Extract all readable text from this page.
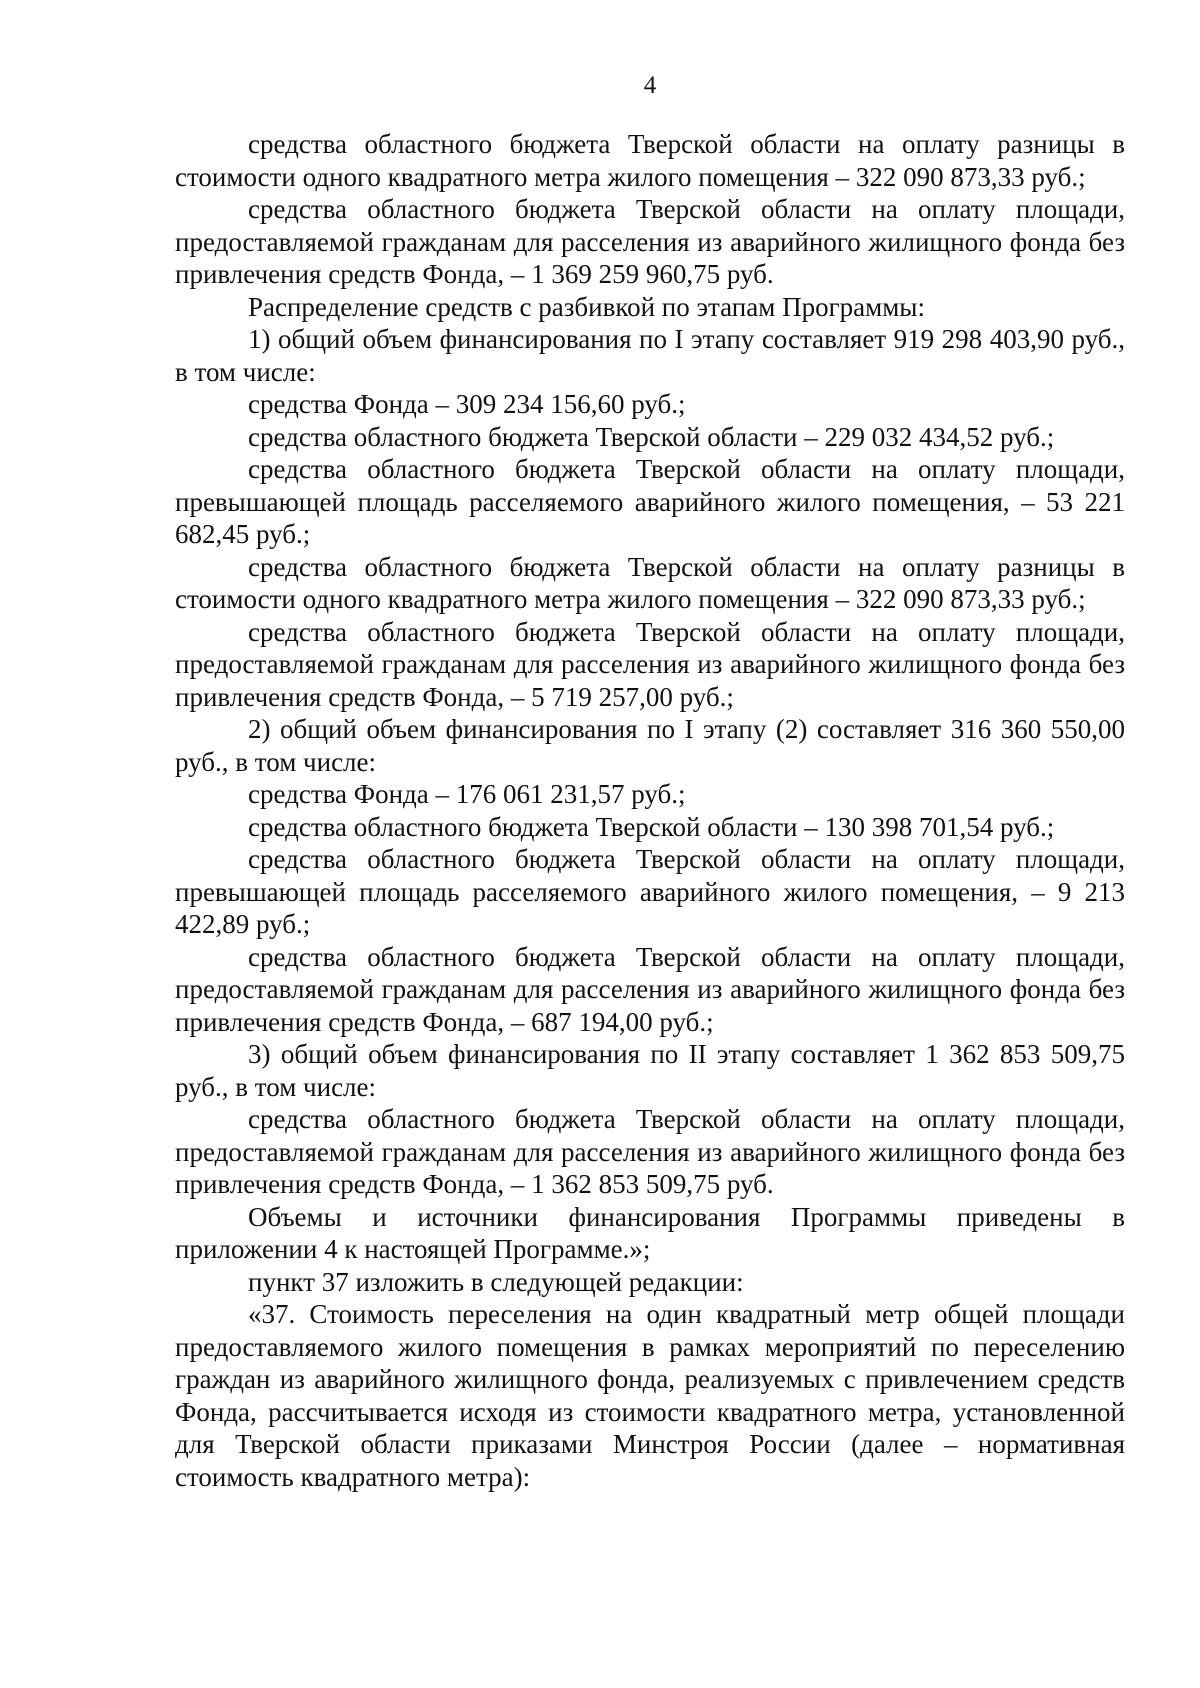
4

средства областного бюджета Тверской области на оплату разницы в стоимости одного квадратного метра жилого помещения – 322 090 873,33 руб.;

средства областного бюджета Тверской области на оплату площади, предоставляемой гражданам для расселения из аварийного жилищного фонда без привлечения средств Фонда, – 1 369 259 960,75 руб.

Распределение средств с разбивкой по этапам Программы:

1) общий объем финансирования по I этапу составляет 919 298 403,90 руб., в том числе:

средства Фонда – 309 234 156,60 руб.;

средства областного бюджета Тверской области – 229 032 434,52 руб.;

средства областного бюджета Тверской области на оплату площади, превышающей площадь расселяемого аварийного жилого помещения, – 53 221 682,45 руб.;

средства областного бюджета Тверской области на оплату разницы в стоимости одного квадратного метра жилого помещения – 322 090 873,33 руб.;

средства областного бюджета Тверской области на оплату площади, предоставляемой гражданам для расселения из аварийного жилищного фонда без привлечения средств Фонда, – 5 719 257,00 руб.;

2) общий объем финансирования по I этапу (2) составляет 316 360 550,00 руб., в том числе:

средства Фонда – 176 061 231,57 руб.;

средства областного бюджета Тверской области – 130 398 701,54 руб.;

средства областного бюджета Тверской области на оплату площади, превышающей площадь расселяемого аварийного жилого помещения, – 9 213 422,89 руб.;

средства областного бюджета Тверской области на оплату площади, предоставляемой гражданам для расселения из аварийного жилищного фонда без привлечения средств Фонда, – 687 194,00 руб.;

3) общий объем финансирования по II этапу составляет 1 362 853 509,75 руб., в том числе:

средства областного бюджета Тверской области на оплату площади, предоставляемой гражданам для расселения из аварийного жилищного фонда без привлечения средств Фонда, – 1 362 853 509,75 руб.

Объемы и источники финансирования Программы приведены в приложении 4 к настоящей Программе.»;

пункт 37 изложить в следующей редакции:

«37. Стоимость переселения на один квадратный метр общей площади предоставляемого жилого помещения в рамках мероприятий по переселению граждан из аварийного жилищного фонда, реализуемых с привлечением средств Фонда, рассчитывается исходя из стоимости квадратного метра, установленной для Тверской области приказами Минстроя России (далее – нормативная стоимость квадратного метра):
